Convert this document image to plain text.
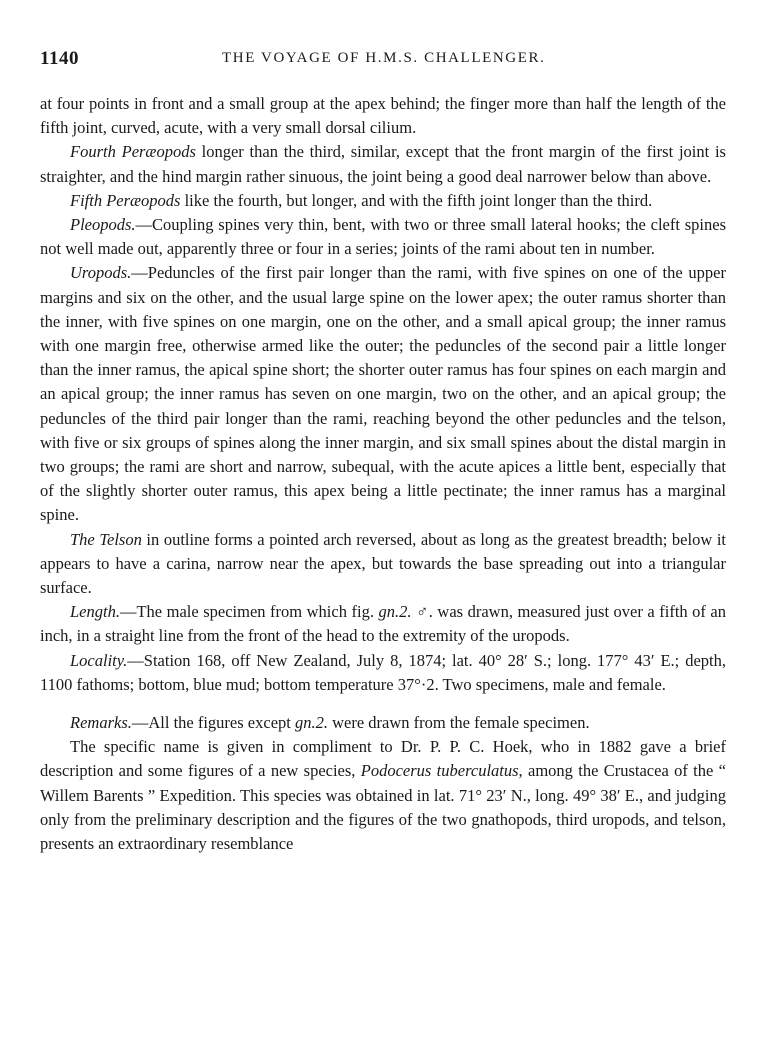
1140	THE VOYAGE OF H.M.S. CHALLENGER.

at four points in front and a small group at the apex behind; the finger more than half the length of the fifth joint, curved, acute, with a very small dorsal cilium.

Fourth Peræopods longer than the third, similar, except that the front margin of the first joint is straighter, and the hind margin rather sinuous, the joint being a good deal narrower below than above.

Fifth Peræopods like the fourth, but longer, and with the fifth joint longer than the third.

Pleopods.—Coupling spines very thin, bent, with two or three small lateral hooks; the cleft spines not well made out, apparently three or four in a series; joints of the rami about ten in number.

Uropods.—Peduncles of the first pair longer than the rami, with five spines on one of the upper margins and six on the other, and the usual large spine on the lower apex; the outer ramus shorter than the inner, with five spines on one margin, one on the other, and a small apical group; the inner ramus with one margin free, otherwise armed like the outer; the peduncles of the second pair a little longer than the inner ramus, the apical spine short; the shorter outer ramus has four spines on each margin and an apical group; the inner ramus has seven on one margin, two on the other, and an apical group; the peduncles of the third pair longer than the rami, reaching beyond the other peduncles and the telson, with five or six groups of spines along the inner margin, and six small spines about the distal margin in two groups; the rami are short and narrow, subequal, with the acute apices a little bent, especially that of the slightly shorter outer ramus, this apex being a little pectinate; the inner ramus has a marginal spine.

The Telson in outline forms a pointed arch reversed, about as long as the greatest breadth; below it appears to have a carina, narrow near the apex, but towards the base spreading out into a triangular surface.

Length.—The male specimen from which fig. gn.2. ♂. was drawn, measured just over a fifth of an inch, in a straight line from the front of the head to the extremity of the uropods.

Locality.—Station 168, off New Zealand, July 8, 1874; lat. 40° 28′ S.; long. 177° 43′ E.; depth, 1100 fathoms; bottom, blue mud; bottom temperature 37°·2. Two specimens, male and female.

Remarks.—All the figures except gn.2. were drawn from the female specimen.

The specific name is given in compliment to Dr. P. P. C. Hoek, who in 1882 gave a brief description and some figures of a new species, Podocerus tuberculatus, among the Crustacea of the “ Willem Barents ” Expedition. This species was obtained in lat. 71° 23′ N., long. 49° 38′ E., and judging only from the preliminary description and the figures of the two gnathopods, third uropods, and telson, presents an extraordinary resemblance
